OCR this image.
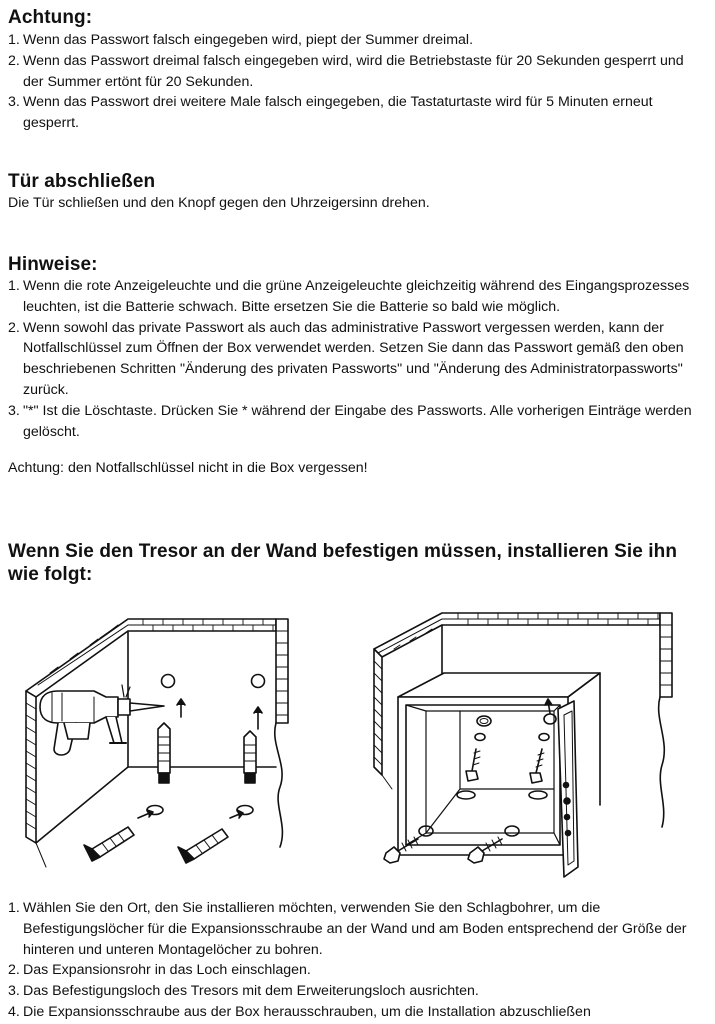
Achtung:
1. Wenn das Passwort falsch eingegeben wird, piept der Summer dreimal.
2. Wenn das Passwort dreimal falsch eingegeben wird, wird die Betriebstaste für 20 Sekunden gesperrt und der Summer ertönt für 20 Sekunden.
3. Wenn das Passwort drei weitere Male falsch eingegeben, die Tastaturtaste wird für 5 Minuten erneut gesperrt.
Tür abschließen

Die Tür schließen und den Knopf gegen den Uhrzeigersinn drehen.

Hinweise:
1. Wenn die rote Anzeigeleuchte und die grüne Anzeigeleuchte gleichzeitig während des Eingangsprozesses leuchten, ist die Batterie schwach. Bitte ersetzen Sie die Batterie so bald wie möglich.
2. Wenn sowohl das private Passwort als auch das administrative Passwort vergessen werden, kann der Notfallschlüssel zum Öffnen der Box verwendet werden. Setzen Sie dann das Passwort gemäß den oben beschriebenen Schritten "Änderung des privaten Passworts" und "Änderung des Administratorpassworts" zurück.
3. "*" Ist die Löschtaste. Drücken Sie * während der Eingabe des Passworts. Alle vorherigen Einträge werden gelöscht.

Achtung: den Notfallschlüssel nicht in die Box vergessen!

Wenn Sie den Tresor an der Wand befestigen müssen, installieren Sie ihn wie folgt:
1. Wählen Sie den Ort, den Sie installieren möchten, verwenden Sie den Schlagbohrer, um die Befestigungslöcher für die Expansionsschraube an der Wand und am Boden entsprechend der Größe der hinteren und unteren Montagelöcher zu bohren.
2. Das Expansionsrohr in das Loch einschlagen.
3. Das Befestigungsloch des Tresors mit dem Erweiterungsloch ausrichten.
4. Die Expansionsschraube aus der Box herausschrauben, um die Installation abzuschließen
